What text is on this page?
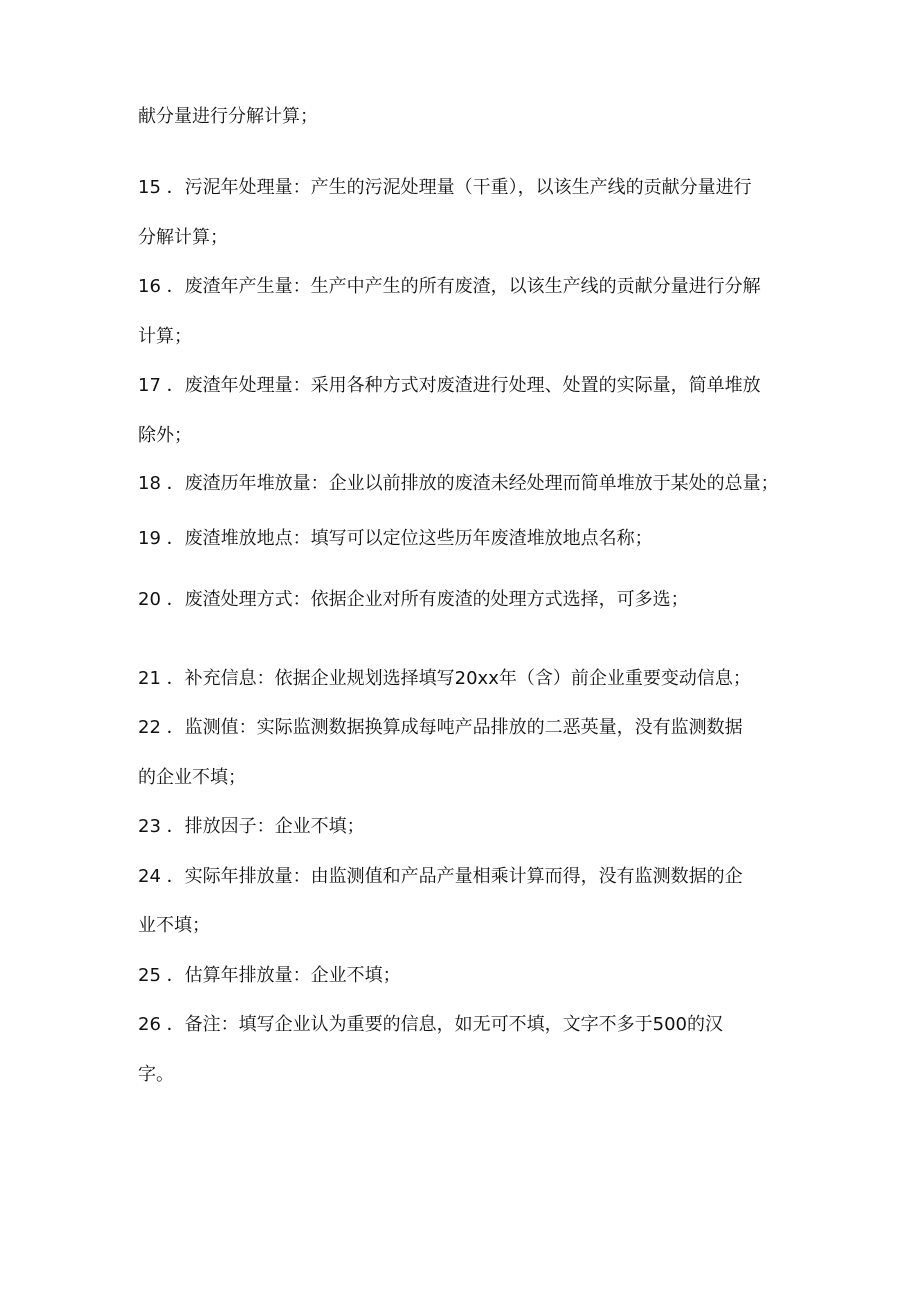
献分量进行分解计算；
15 ．污泥年处理量：产生的污泥处理量（干重），以该生产线的贡献分量进行
分解计算；
16 ．废渣年产生量：生产中产生的所有废渣，以该生产线的贡献分量进行分解
计算；
17 ．废渣年处理量：采用各种方式对废渣进行处理、处置的实际量，简单堆放
除外；
18 ．废渣历年堆放量：企业以前排放的废渣未经处理而简单堆放于某处的总量；
19 ．废渣堆放地点：填写可以定位这些历年废渣堆放地点名称；
20 ．废渣处理方式：依据企业对所有废渣的处理方式选择，可多选；
21 ．补充信息：依据企业规划选择填写20xx年（含）前企业重要变动信息；
22 ．监测值：实际监测数据换算成每吨产品排放的二恶英量，没有监测数据
的企业不填；
23 ．排放因子：企业不填；
24 ．实际年排放量：由监测值和产品产量相乘计算而得，没有监测数据的企
业不填；
25 ．估算年排放量：企业不填；
26 ．备注：填写企业认为重要的信息，如无可不填，文字不多于500的汉
字。
